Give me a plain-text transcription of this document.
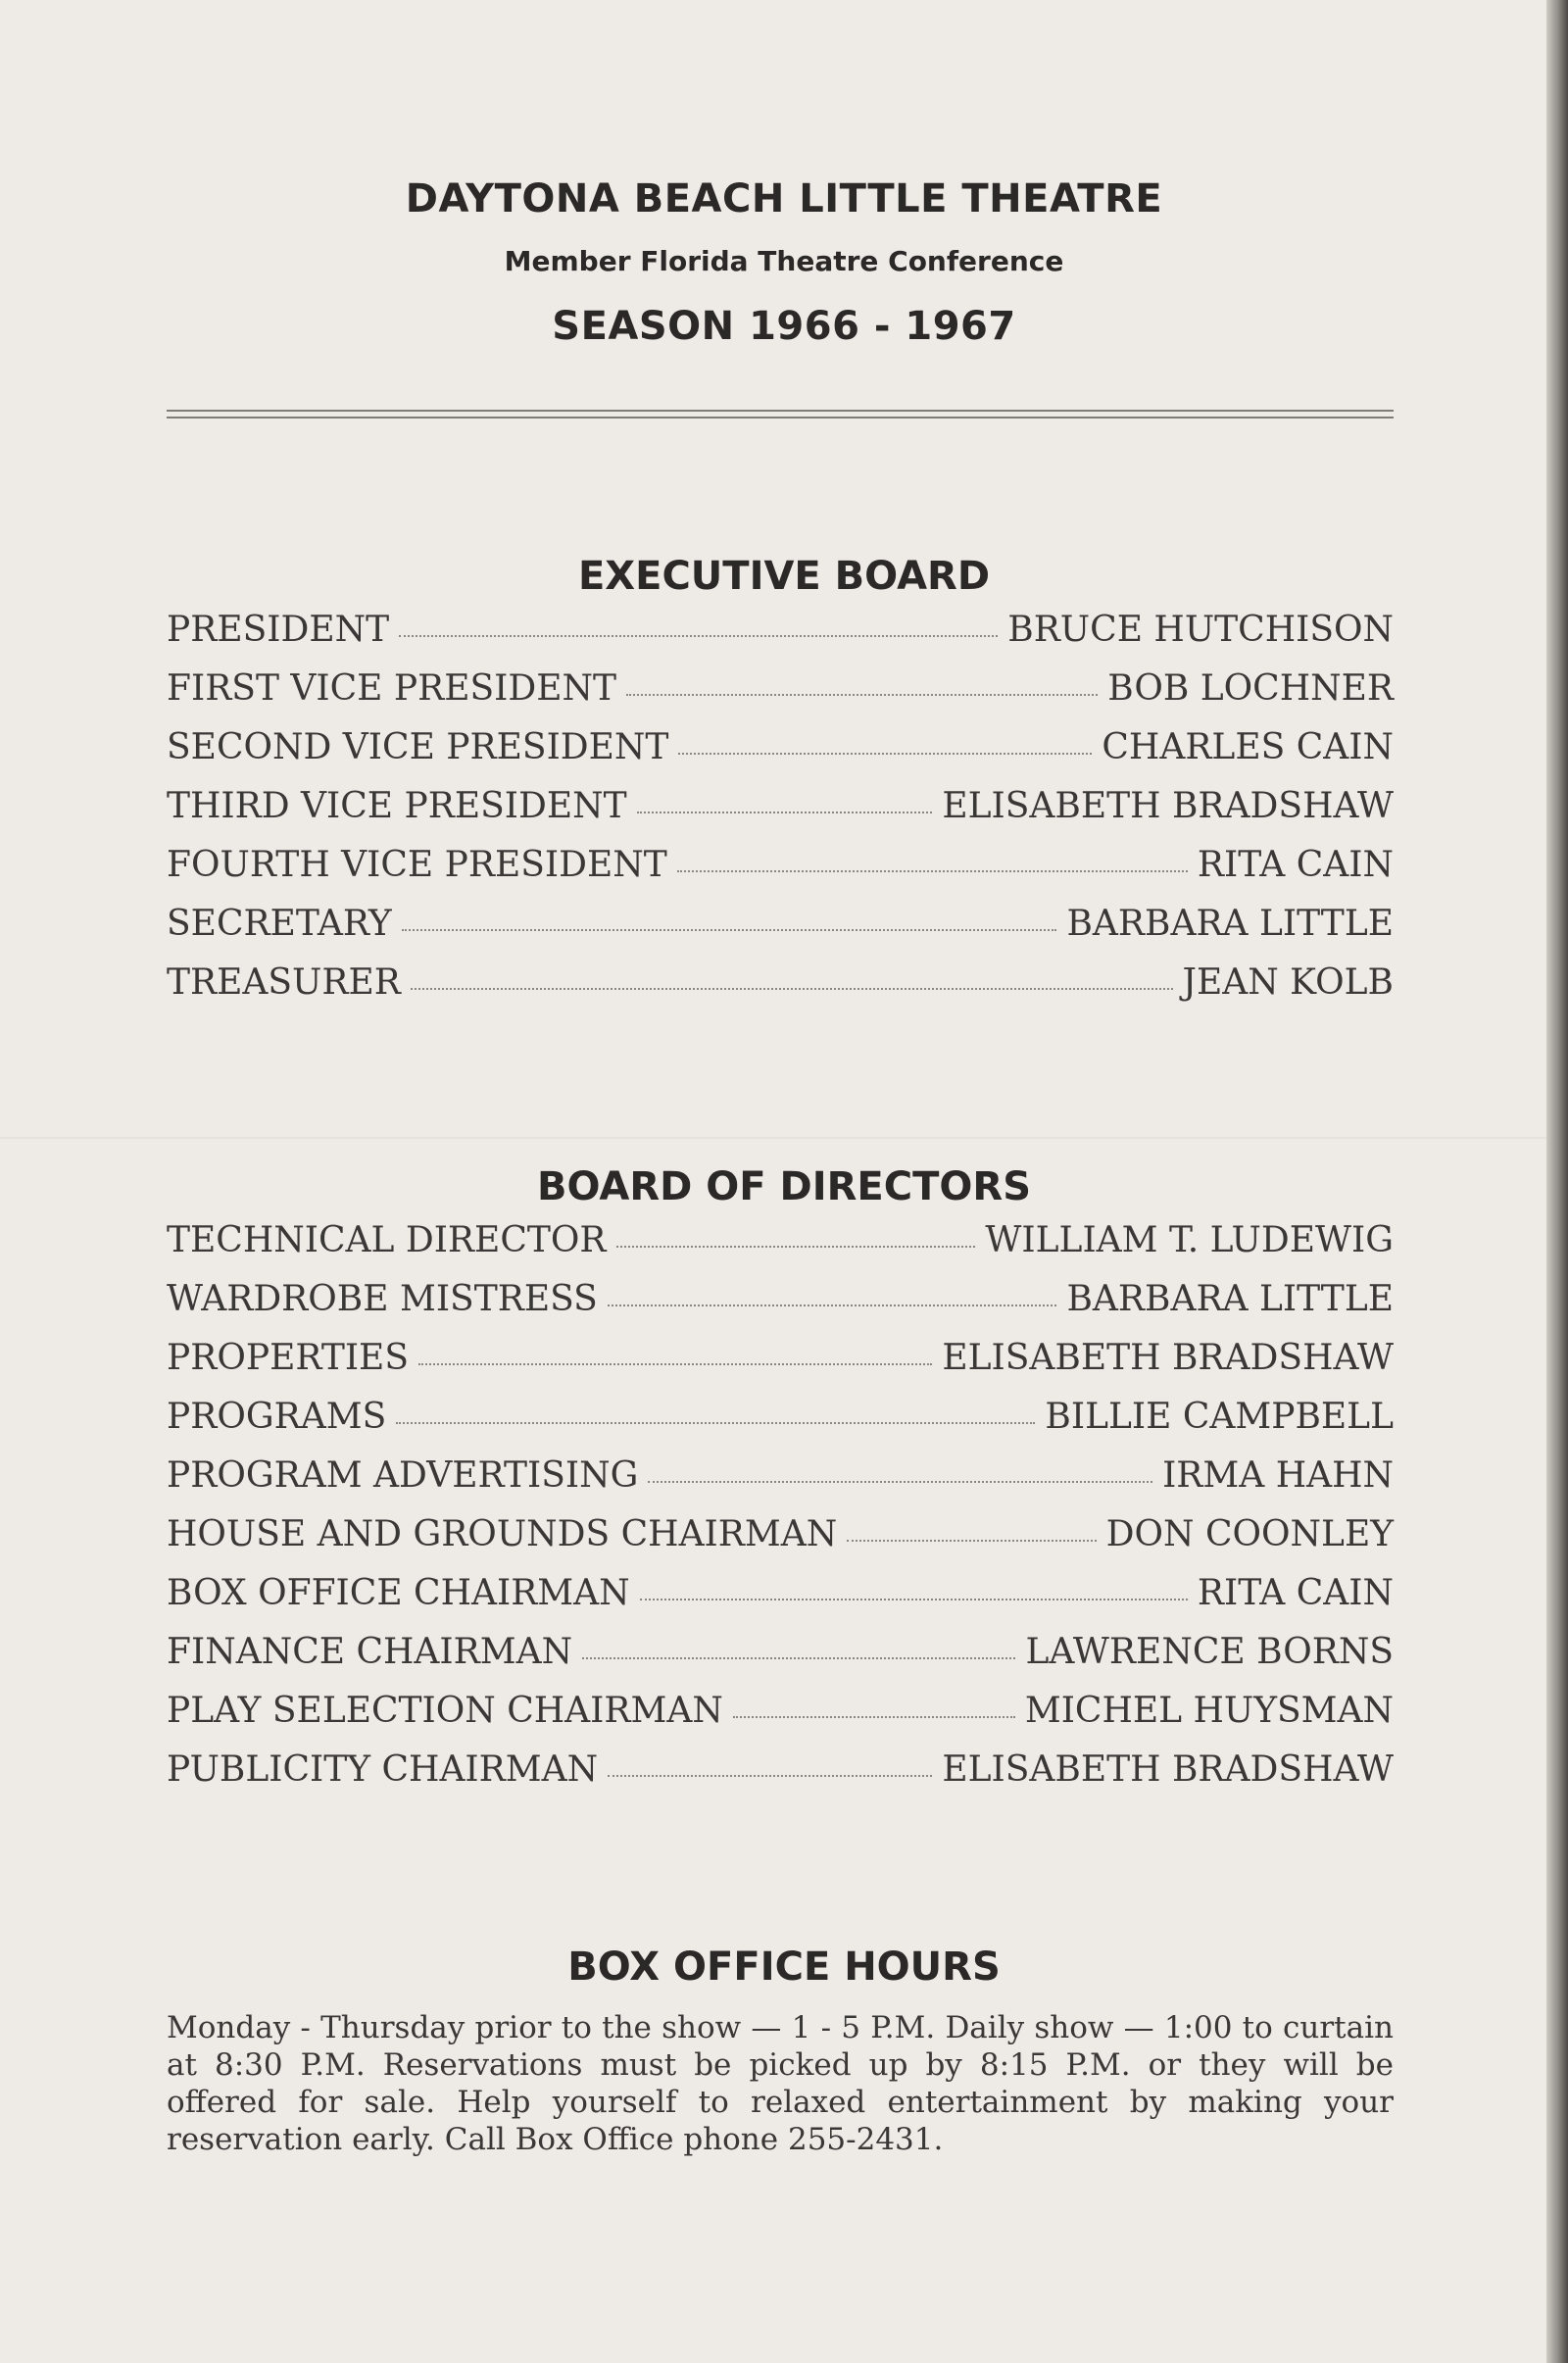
DAYTONA BEACH LITTLE THEATRE
Member Florida Theatre Conference
SEASON 1966 - 1967
EXECUTIVE BOARD
PRESIDENT	BRUCE HUTCHISON
FIRST VICE PRESIDENT	BOB LOCHNER
SECOND VICE PRESIDENT	CHARLES CAIN
THIRD VICE PRESIDENT	ELISABETH BRADSHAW
FOURTH VICE PRESIDENT	RITA CAIN
SECRETARY	BARBARA LITTLE
TREASURER	JEAN KOLB
BOARD OF DIRECTORS
TECHNICAL DIRECTOR	WILLIAM T. LUDEWIG
WARDROBE MISTRESS	BARBARA LITTLE
PROPERTIES	ELISABETH BRADSHAW
PROGRAMS	BILLIE CAMPBELL
PROGRAM ADVERTISING	IRMA HAHN
HOUSE AND GROUNDS CHAIRMAN	DON COONLEY
BOX OFFICE CHAIRMAN	RITA CAIN
FINANCE CHAIRMAN	LAWRENCE BORNS
PLAY SELECTION CHAIRMAN	MICHEL HUYSMAN
PUBLICITY CHAIRMAN	ELISABETH BRADSHAW
BOX OFFICE HOURS
Monday - Thursday prior to the show — 1 - 5 P.M. Daily show — 1:00 to curtain at 8:30 P.M. Reservations must be picked up by 8:15 P.M. or they will be offered for sale. Help yourself to relaxed entertainment by making your reservation early. Call Box Office phone 255-2431.
